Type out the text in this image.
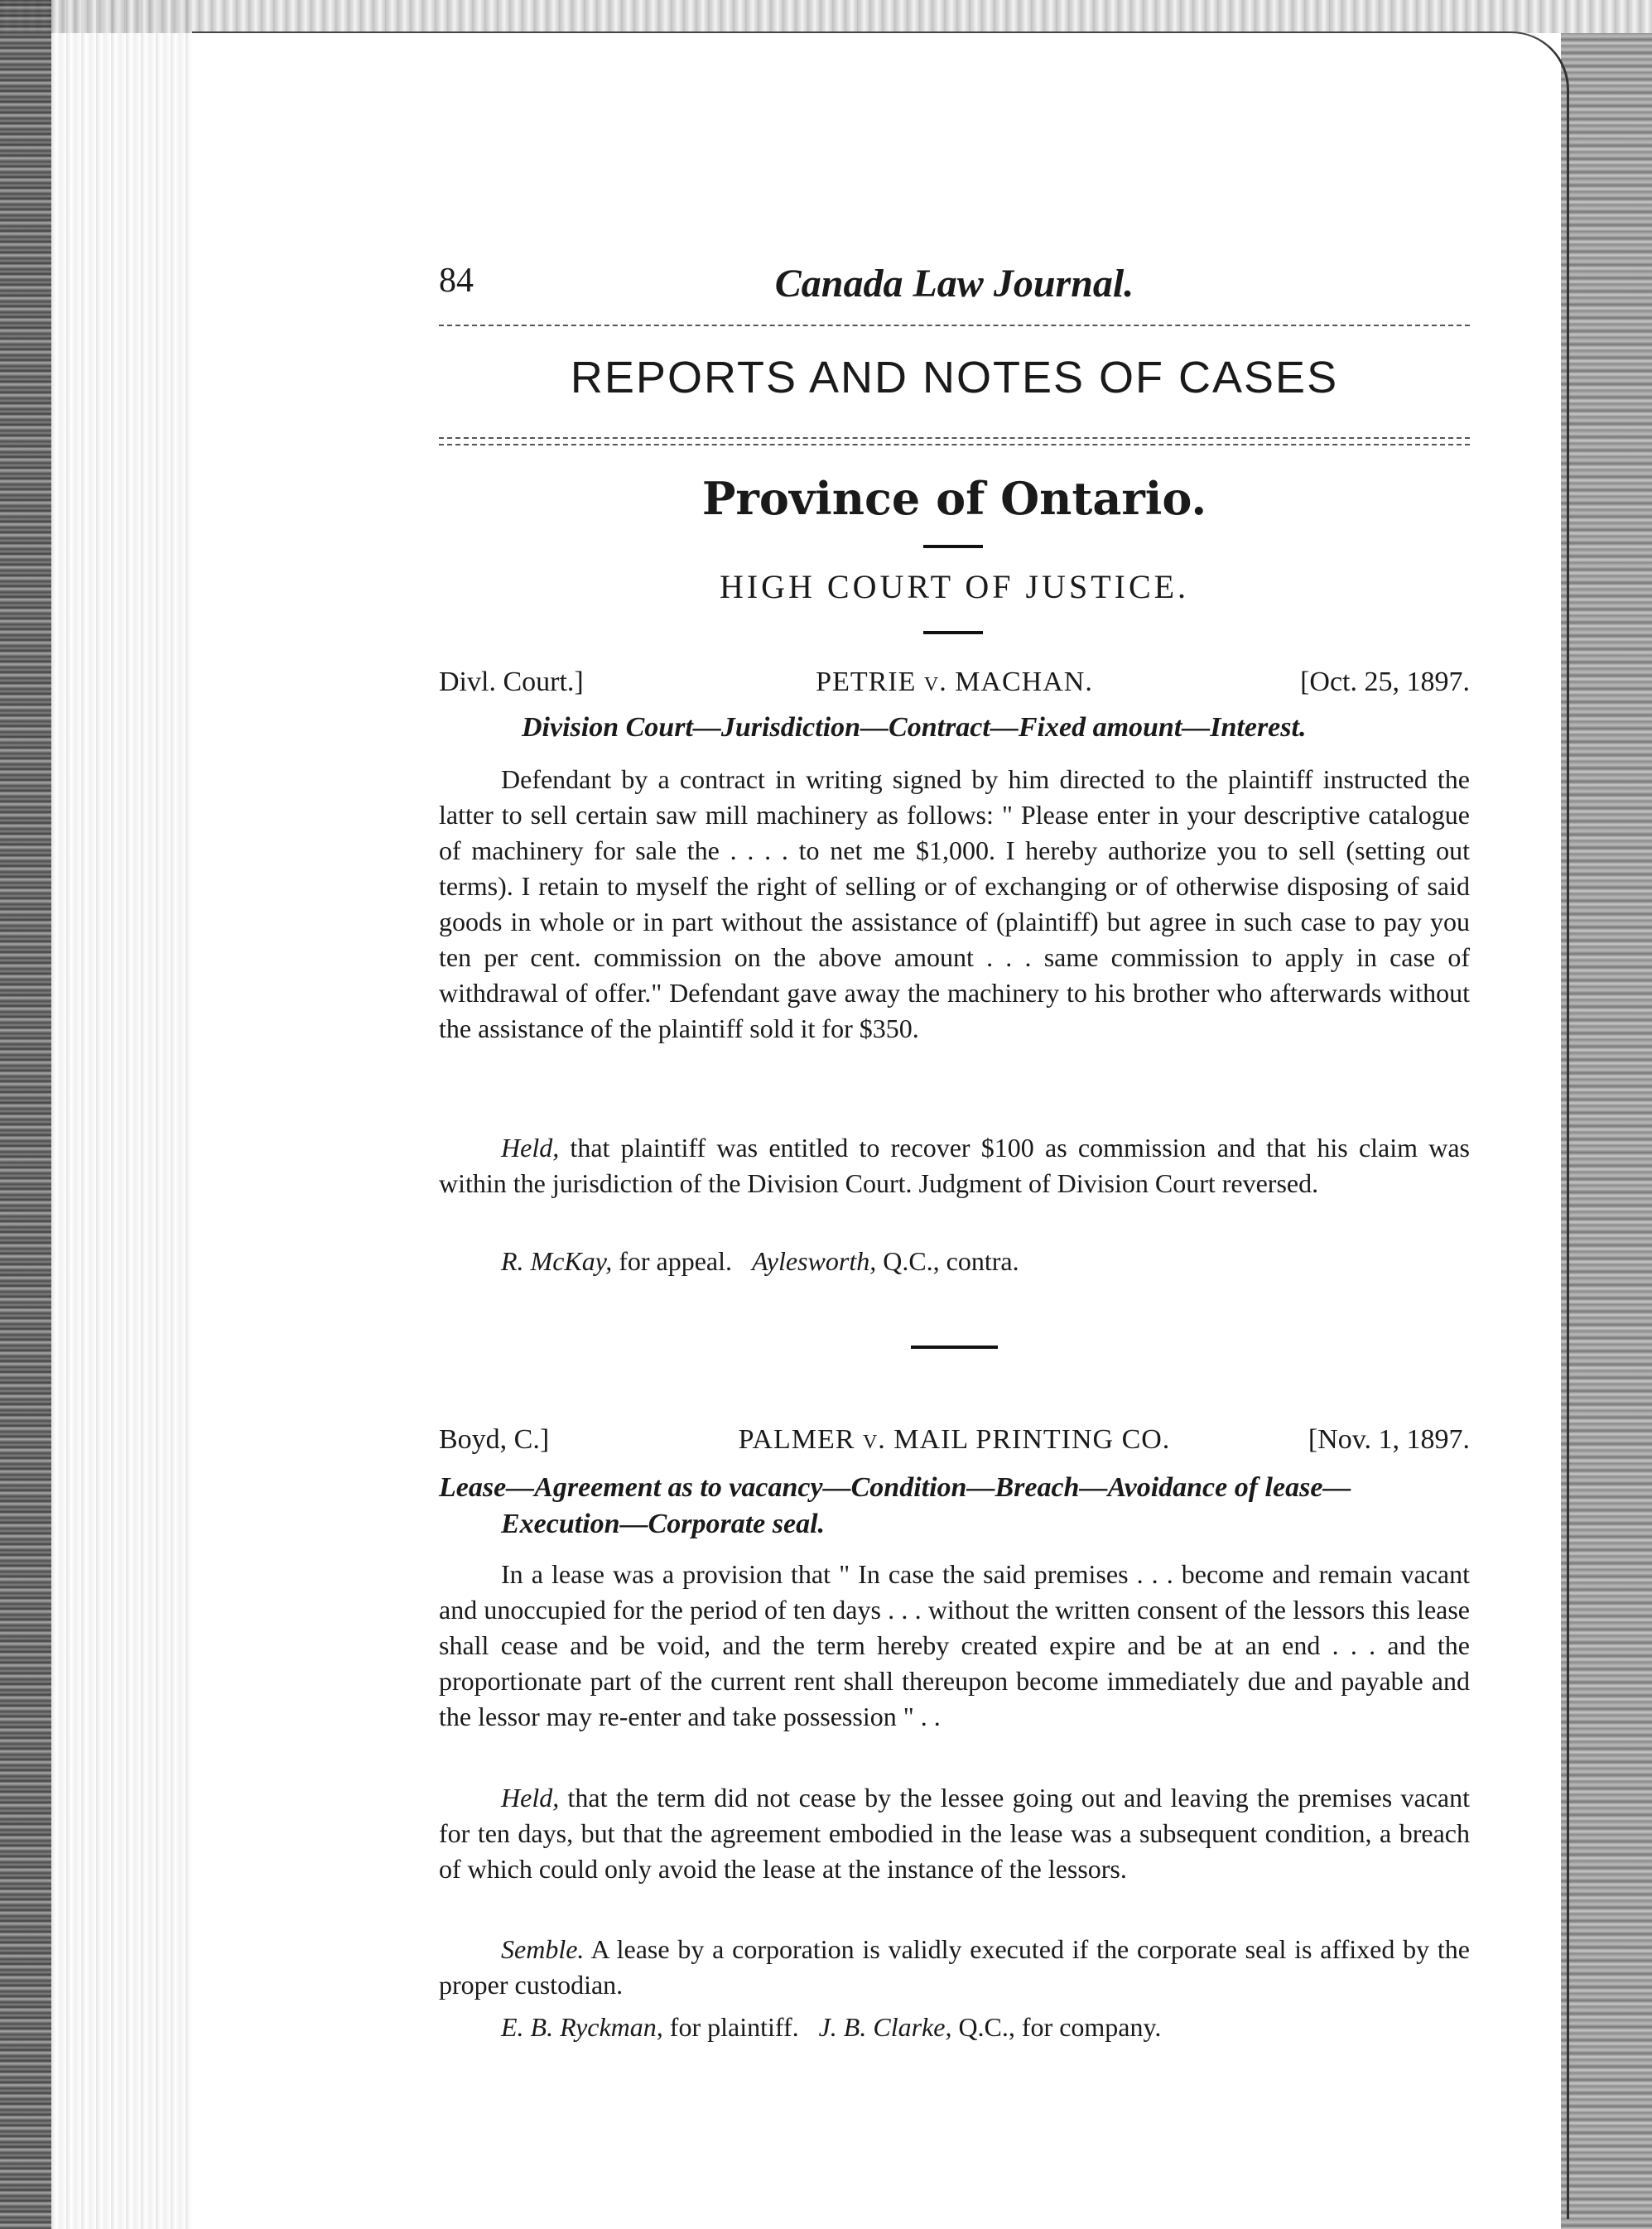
84	Canada Law Journal.
REPORTS AND NOTES OF CASES
Province of Ontario.
HIGH COURT OF JUSTICE.
Divl. Court.]	PETRIE v. MACHAN.	[Oct. 25, 1897.
Division Court—Jurisdiction—Contract—Fixed amount—Interest.
Defendant by a contract in writing signed by him directed to the plaintiff instructed the latter to sell certain saw mill machinery as follows: " Please enter in your descriptive catalogue of machinery for sale the . . . . to net me $1,000. I hereby authorize you to sell (setting out terms). I retain to myself the right of selling or of exchanging or of otherwise disposing of said goods in whole or in part without the assistance of (plaintiff) but agree in such case to pay you ten per cent. commission on the above amount . . . same commission to apply in case of withdrawal of offer." Defendant gave away the machinery to his brother who afterwards without the assistance of the plaintiff sold it for $350.
Held, that plaintiff was entitled to recover $100 as commission and that his claim was within the jurisdiction of the Division Court. Judgment of Division Court reversed.
R. McKay, for appeal. Aylesworth, Q.C., contra.
Boyd, C.]	PALMER v. MAIL PRINTING CO.	[Nov. 1, 1897.
Lease—Agreement as to vacancy—Condition—Breach—Avoidance of lease—
Execution—Corporate seal.
In a lease was a provision that " In case the said premises . . . become and remain vacant and unoccupied for the period of ten days . . . without the written consent of the lessors this lease shall cease and be void, and the term hereby created expire and be at an end . . . and the proportionate part of the current rent shall thereupon become immediately due and payable and the lessor may re-enter and take possession " . .
Held, that the term did not cease by the lessee going out and leaving the premises vacant for ten days, but that the agreement embodied in the lease was a subsequent condition, a breach of which could only avoid the lease at the instance of the lessors.
Semble. A lease by a corporation is validly executed if the corporate seal is affixed by the proper custodian.
E. B. Ryckman, for plaintiff. J. B. Clarke, Q.C., for company.
